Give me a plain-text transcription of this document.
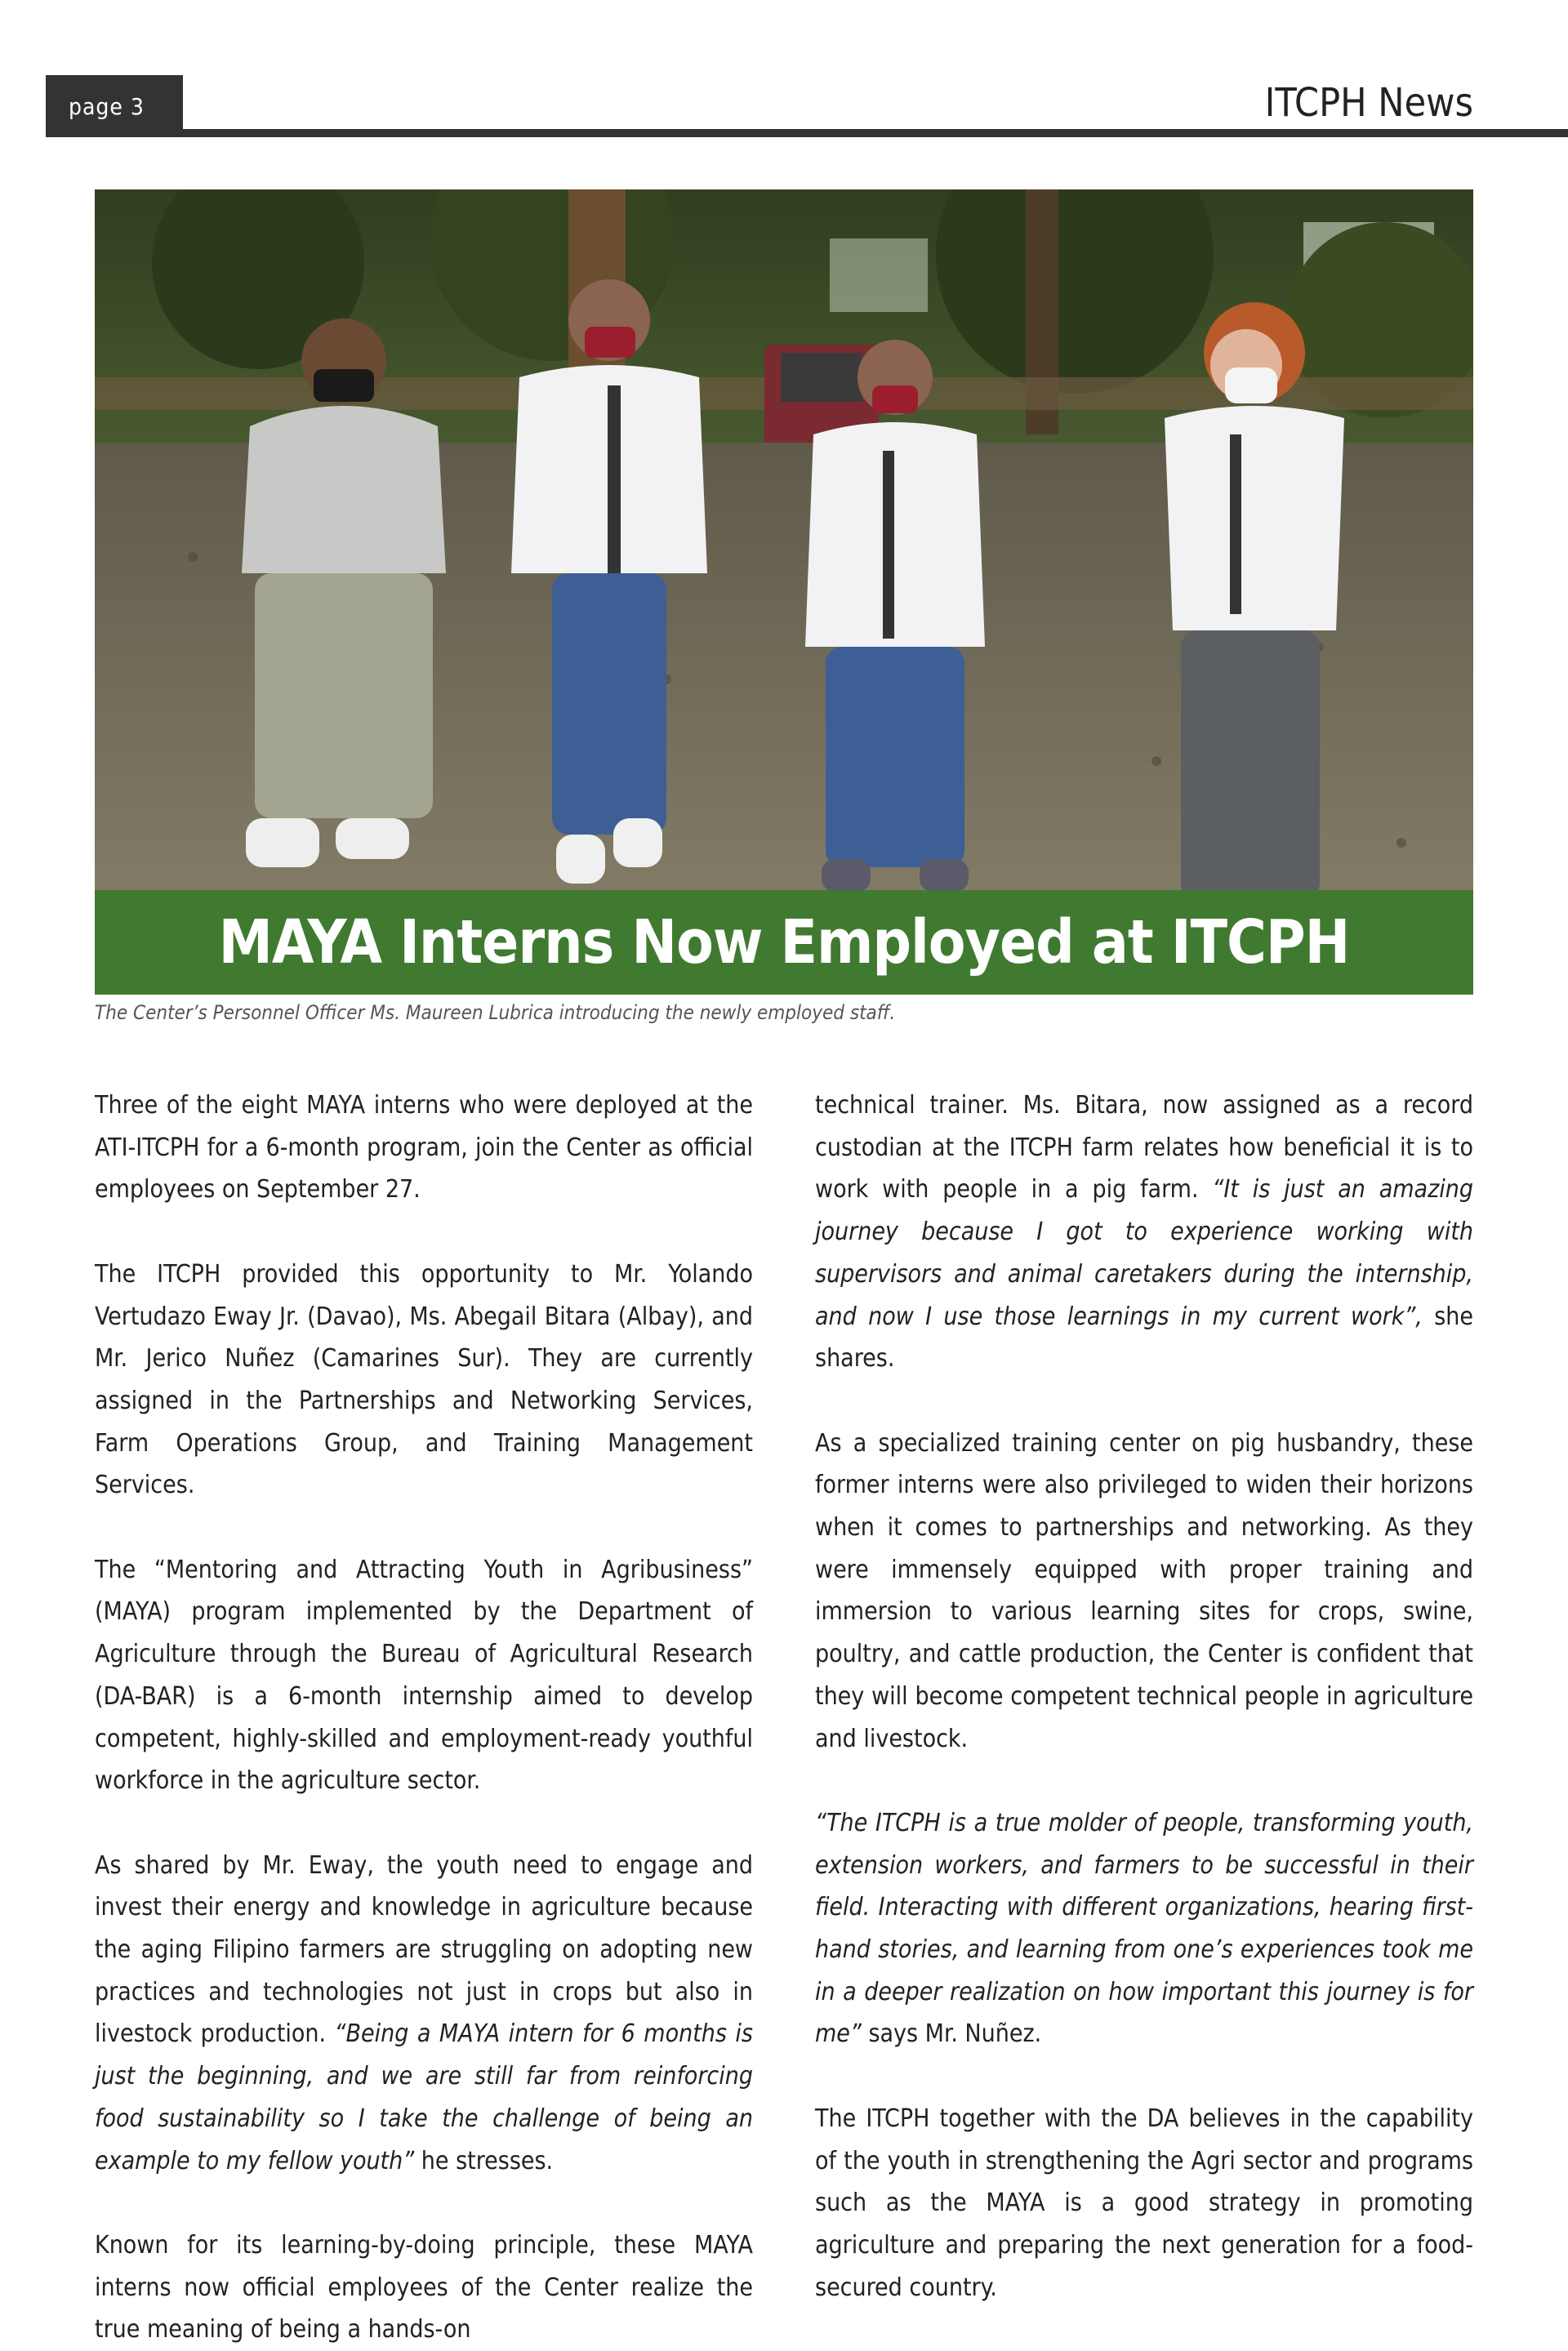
page 3	ITCPH News
MAYA Interns Now Employed at ITCPH
The Center’s Personnel Officer Ms. Maureen Lubrica introducing the newly employed staff.

Three of the eight MAYA interns who were deployed at the ATI-ITCPH for a 6-month program, join the Center as official employees on September 27.

The ITCPH provided this opportunity to Mr. Yolando Vertudazo Eway Jr. (Davao), Ms. Abegail Bitara (Albay), and Mr. Jerico Nuñez (Camarines Sur). They are currently assigned in the Partnerships and Networking Services, Farm Operations Group, and Training Management Services.

The “Mentoring and Attracting Youth in Agribusiness” (MAYA) program implemented by the Department of Agriculture through the Bureau of Agricultural Research (DA-BAR) is a 6-month internship aimed to develop competent, highly-skilled and employment-ready youthful workforce in the agriculture sector.

As shared by Mr. Eway, the youth need to engage and invest their energy and knowledge in agriculture because the aging Filipino farmers are struggling on adopting new practices and technologies not just in crops but also in livestock production. “Being a MAYA intern for 6 months is just the beginning, and we are still far from reinforcing food sustainability so I take the challenge of being an example to my fellow youth” he stresses.

Known for its learning-by-doing principle, these MAYA interns now official employees of the Center realize the true meaning of being a hands-on

technical trainer. Ms. Bitara, now assigned as a record custodian at the ITCPH farm relates how beneficial it is to work with people in a pig farm. “It is just an amazing journey because I got to experience working with supervisors and animal caretakers during the internship, and now I use those learnings in my current work”, she shares.

As a specialized training center on pig husbandry, these former interns were also privileged to widen their horizons when it comes to partnerships and networking. As they were immensely equipped with proper training and immersion to various learning sites for crops, swine, poultry, and cattle production, the Center is confident that they will become competent technical people in agriculture and livestock.

“The ITCPH is a true molder of people, transforming youth, extension workers, and farmers to be successful in their field. Interacting with different organizations, hearing first-hand stories, and learning from one’s experiences took me in a deeper realization on how important this journey is for me” says Mr. Nuñez.

The ITCPH together with the DA believes in the capability of the youth in strengthening the Agri sector and programs such as the MAYA is a good strategy in promoting agriculture and preparing the next generation for a food-secured country.
